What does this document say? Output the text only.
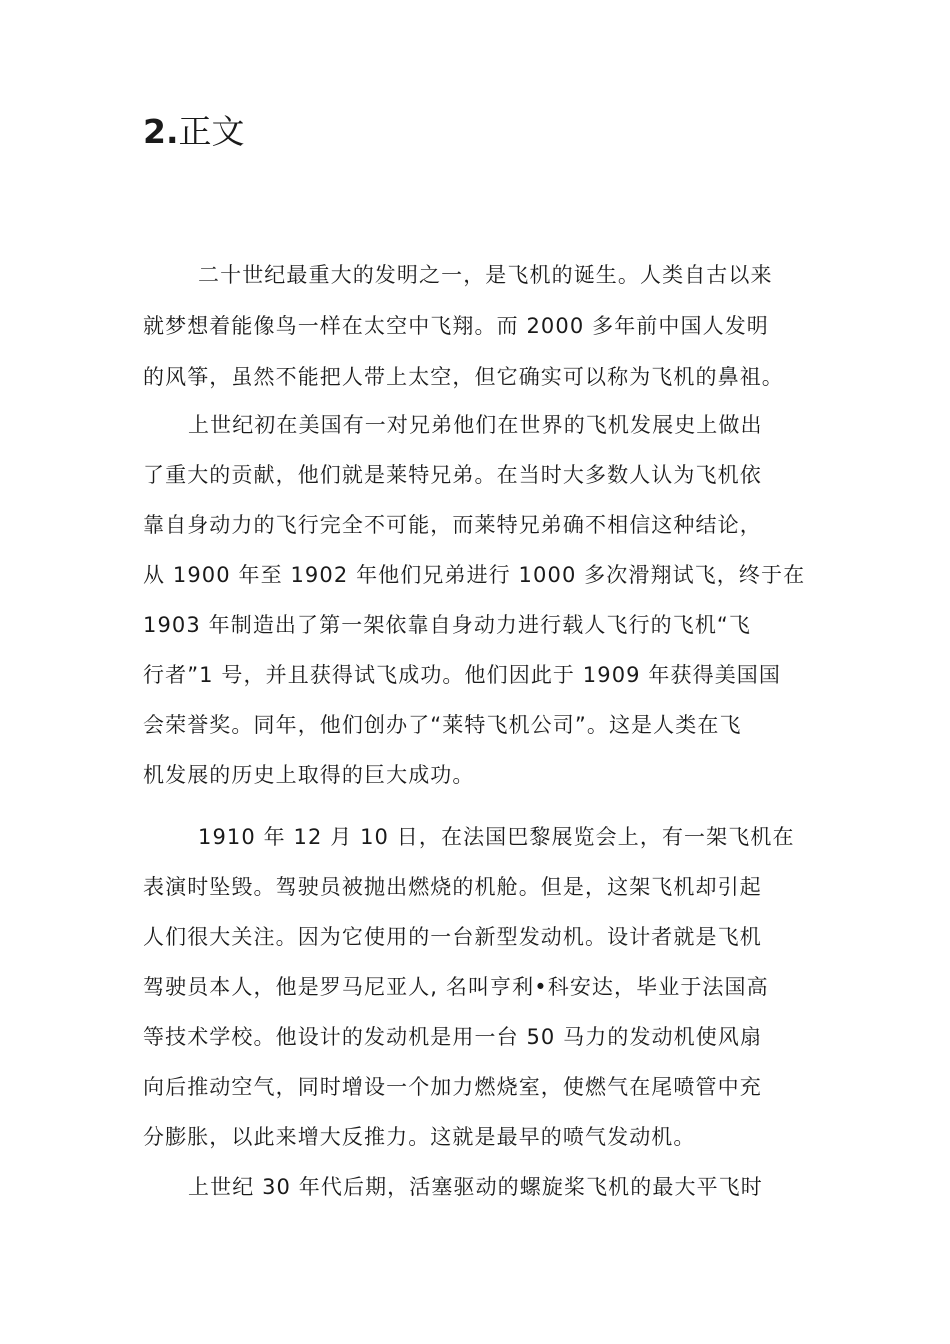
2.正文
二十世纪最重大的发明之一，是飞机的诞生。人类自古以来
就梦想着能像鸟一样在太空中飞翔。而 2000 多年前中国人发明
的风筝，虽然不能把人带上太空，但它确实可以称为飞机的鼻祖。
上世纪初在美国有一对兄弟他们在世界的飞机发展史上做出
了重大的贡献，他们就是莱特兄弟。在当时大多数人认为飞机依
靠自身动力的飞行完全不可能，而莱特兄弟确不相信这种结论，
从 1900 年至 1902 年他们兄弟进行 1000 多次滑翔试飞，终于在
1903 年制造出了第一架依靠自身动力进行载人飞行的飞机“飞
行者”1 号，并且获得试飞成功。他们因此于 1909 年获得美国国
会荣誉奖。同年，他们创办了“莱特飞机公司”。这是人类在飞
机发展的历史上取得的巨大成功。
1910 年 12 月 10 日，在法国巴黎展览会上，有一架飞机在
表演时坠毁。驾驶员被抛出燃烧的机舱。但是，这架飞机却引起
人们很大关注。因为它使用的一台新型发动机。设计者就是飞机
驾驶员本人，他是罗马尼亚人, 名叫亨利•科安达，毕业于法国高
等技术学校。他设计的发动机是用一台 50 马力的发动机使风扇
向后推动空气，同时增设一个加力燃烧室，使燃气在尾喷管中充
分膨胀，以此来增大反推力。这就是最早的喷气发动机。
上世纪 30 年代后期，活塞驱动的螺旋桨飞机的最大平飞时
